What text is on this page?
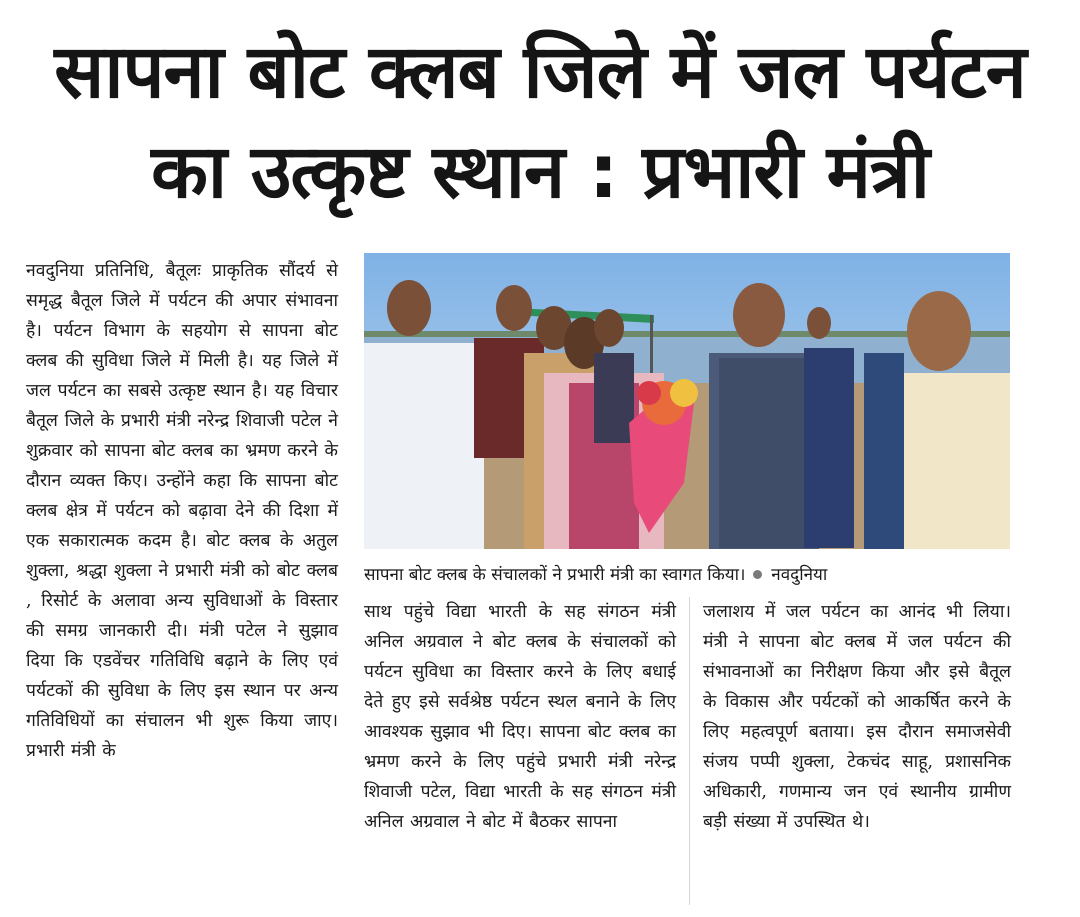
सापना बोट क्लब जिले में जल पर्यटन
का उत्कृष्ट स्थान : प्रभारी मंत्री

नवदुनिया प्रतिनिधि, बैतूलः प्राकृतिक सौंदर्य से समृद्ध बैतूल जिले में पर्यटन की अपार संभावना है। पर्यटन विभाग के सहयोग से सापना बोट क्लब की सुविधा जिले में मिली है। यह जिले में जल पर्यटन का सबसे उत्कृष्ट स्थान है। यह विचार बैतूल जिले के प्रभारी मंत्री नरेन्द्र शिवाजी पटेल ने शुक्रवार को सापना बोट क्लब का भ्रमण करने के दौरान व्यक्त किए। उन्होंने कहा कि सापना बोट क्लब क्षेत्र में पर्यटन को बढ़ावा देने की दिशा में एक सकारात्मक कदम है। बोट क्लब के अतुल शुक्ला, श्रद्धा शुक्ला ने प्रभारी मंत्री को बोट क्लब , रिसोर्ट के अलावा अन्य सुविधाओं के विस्तार की समग्र जानकारी दी। मंत्री पटेल ने सुझाव दिया कि एडवेंचर गतिविधि बढ़ाने के लिए एवं पर्यटकों की सुविधा के लिए इस स्थान पर अन्य गतिविधियों का संचालन भी शुरू किया जाए। प्रभारी मंत्री के

सापना बोट क्लब के संचालकों ने प्रभारी मंत्री का स्वागत किया। नवदुनिया

साथ पहुंचे विद्या भारती के सह संगठन मंत्री अनिल अग्रवाल ने बोट क्लब के संचालकों को पर्यटन सुविधा का विस्तार करने के लिए बधाई देते हुए इसे सर्वश्रेष्ठ पर्यटन स्थल बनाने के लिए आवश्यक सुझाव भी दिए। सापना बोट क्लब का भ्रमण करने के लिए पहुंचे प्रभारी मंत्री नरेन्द्र शिवाजी पटेल, विद्या भारती के सह संगठन मंत्री अनिल अग्रवाल ने बोट में बैठकर सापना

जलाशय में जल पर्यटन का आनंद भी लिया। मंत्री ने सापना बोट क्लब में जल पर्यटन की संभावनाओं का निरीक्षण किया और इसे बैतूल के विकास और पर्यटकों को आकर्षित करने के लिए महत्वपूर्ण बताया। इस दौरान समाजसेवी संजय पप्पी शुक्ला, टेकचंद साहू, प्रशासनिक अधिकारी, गणमान्य जन एवं स्थानीय ग्रामीण बड़ी संख्या में उपस्थित थे।
